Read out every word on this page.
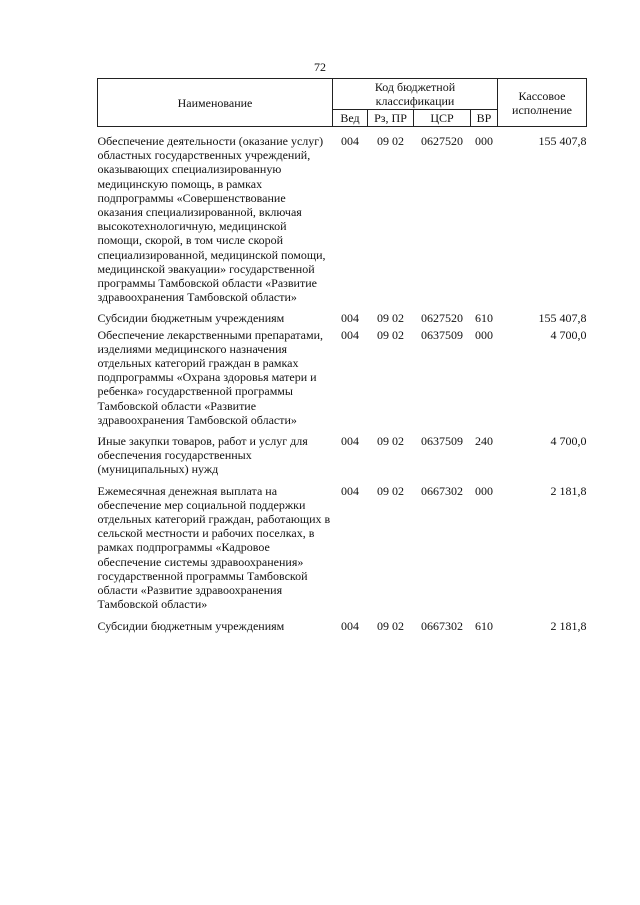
72
Наименование	Код бюджетной классификации				Кассовое исполнение
	Вед	Рз, ПР	ЦСР	ВР	
Обеспечение деятельности (оказание услуг) областных государственных учреждений, оказывающих специализированную медицинскую помощь, в рамках подпрограммы «Совершенствование оказания специализированной, включая высокотехнологичную, медицинской помощи, скорой, в том числе скорой специализированной, медицинской помощи, медицинской эвакуации» государственной программы Тамбовской области «Развитие здравоохранения Тамбовской области»	004	09 02	0627520	000	155 407,8
Субсидии бюджетным учреждениям	004	09 02	0627520	610	155 407,8
Обеспечение лекарственными препаратами, изделиями медицинского назначения отдельных категорий граждан в рамках подпрограммы «Охрана здоровья матери и ребенка» государственной программы Тамбовской области «Развитие здравоохранения Тамбовской области»	004	09 02	0637509	000	4 700,0
Иные закупки товаров, работ и услуг для обеспечения государственных (муниципальных) нужд	004	09 02	0637509	240	4 700,0
Ежемесячная денежная выплата на обеспечение мер социальной поддержки отдельных категорий граждан, работающих в сельской местности и рабочих поселках, в рамках подпрограммы «Кадровое обеспечение системы здравоохранения» государственной программы Тамбовской области «Развитие здравоохранения Тамбовской области»	004	09 02	0667302	000	2 181,8
Субсидии бюджетным учреждениям	004	09 02	0667302	610	2 181,8
